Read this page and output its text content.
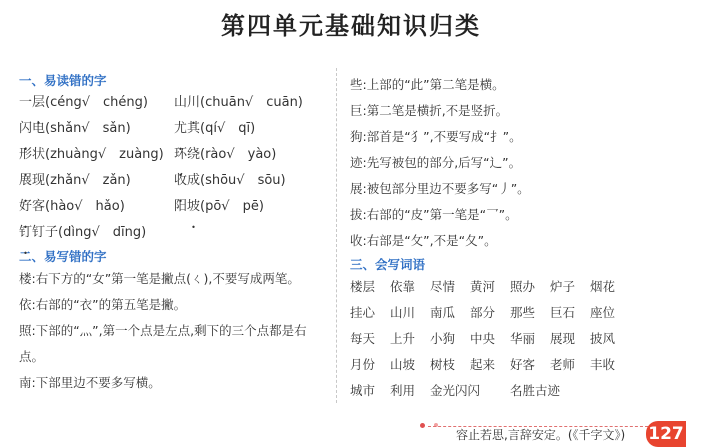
第四单元基础知识归类
一、易读错的字
一层(céng√　chéng)	山川(chuān√　cuān)
闪电(shǎn√　sǎn)	尤其(qí√　qī)
形状(zhuàng√　zuàng) 环绕(rào√　yào)
展现(zhǎn√　zǎn)	收成(shōu√　sōu)
好客(hào√　hǎo)	阳坡(pō√　pē)
钉钉子(dìng√　dīng)
二、易写错的字
楼:右下方的“女”第一笔是撇点(ㄑ),不要写成两笔。
依:右部的“衣”的第五笔是撇。
照:下部的“灬”,第一个点是左点,剩下的三个点都是右点。
南:下部里边不要多写横。
些:上部的“此”第二笔是横。
巨:第二笔是横折,不是竖折。
狗:部首是“犭”,不要写成“扌”。
迹:先写被包的部分,后写“辶”。
展:被包部分里边不要多写“丿”。
拔:右部的“皮”第一笔是“乛”。
收:右部是“攵”,不是“夂”。
三、会写词语
楼层	依靠	尽情	黄河	照办	炉子	烟花
挂心	山川	南瓜	部分	那些	巨石	座位
每天	上升	小狗	中央	华丽	展现	披风
月份	山坡	树枝	起来	好客	老师	丰收
城市	利用	金光闪闪	名胜古迹
容止若思,言辞安定。(《千字文》) 127
